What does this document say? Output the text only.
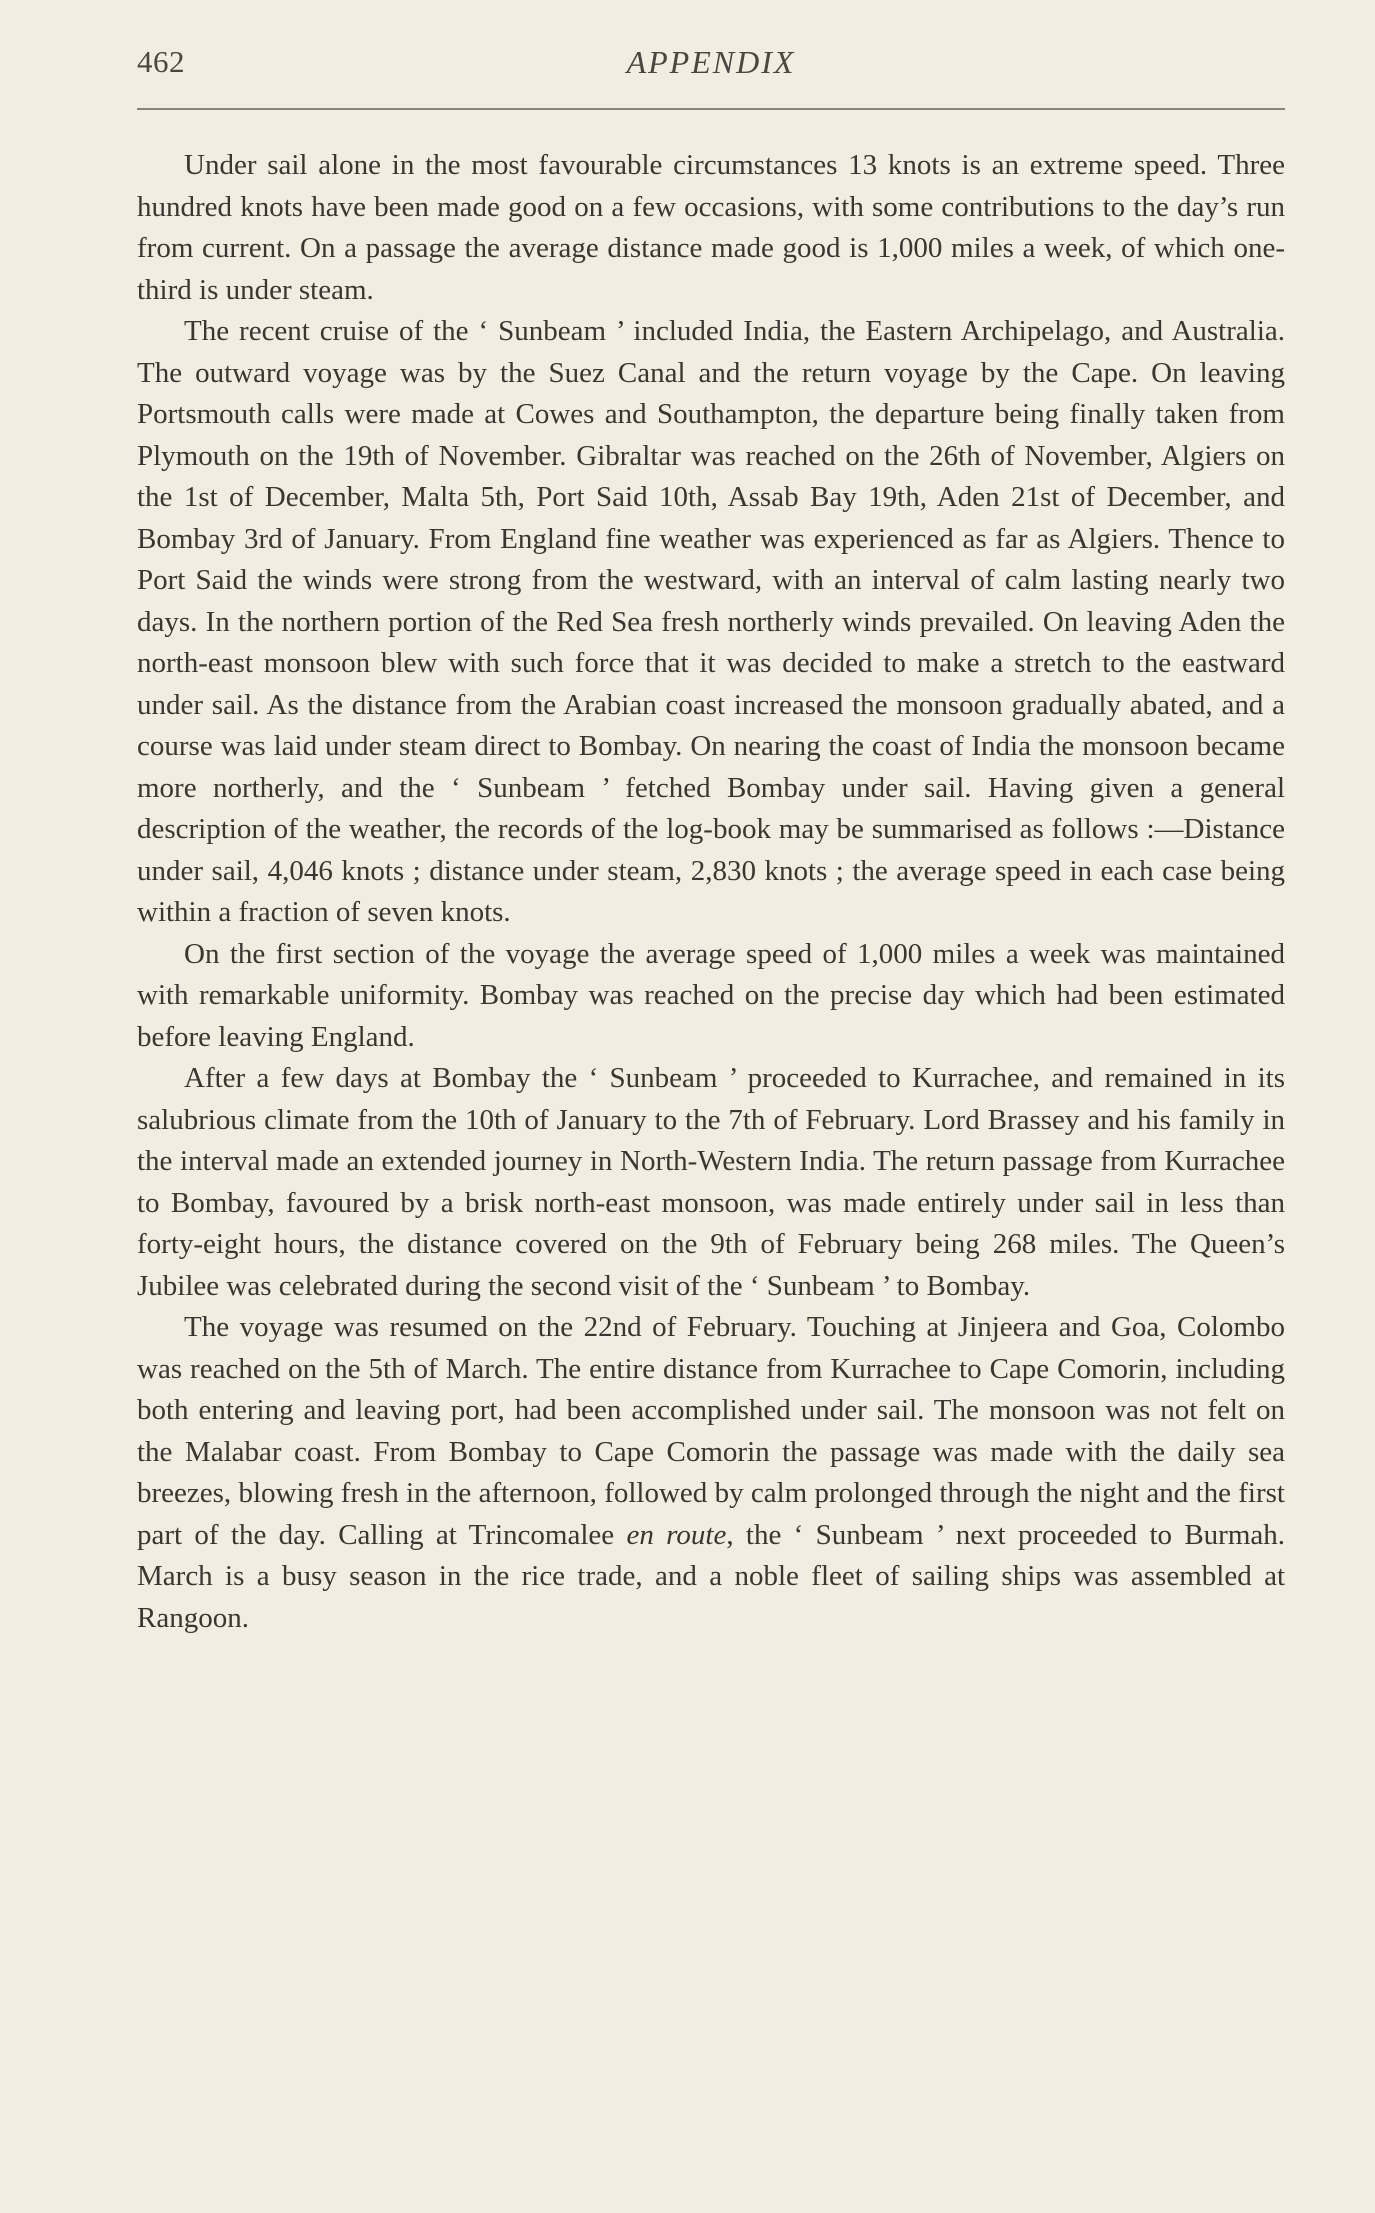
462	APPENDIX

Under sail alone in the most favourable circumstances 13 knots is an extreme speed. Three hundred knots have been made good on a few occasions, with some contributions to the day’s run from current. On a passage the average distance made good is 1,000 miles a week, of which one-third is under steam.

The recent cruise of the ‘ Sunbeam ’ included India, the Eastern Archipelago, and Australia. The outward voyage was by the Suez Canal and the return voyage by the Cape. On leaving Portsmouth calls were made at Cowes and Southampton, the departure being finally taken from Plymouth on the 19th of November. Gibraltar was reached on the 26th of November, Algiers on the 1st of December, Malta 5th, Port Said 10th, Assab Bay 19th, Aden 21st of December, and Bombay 3rd of January. From England fine weather was experienced as far as Algiers. Thence to Port Said the winds were strong from the westward, with an interval of calm lasting nearly two days. In the northern portion of the Red Sea fresh northerly winds prevailed. On leaving Aden the north-east monsoon blew with such force that it was decided to make a stretch to the eastward under sail. As the distance from the Arabian coast increased the monsoon gradually abated, and a course was laid under steam direct to Bombay. On nearing the coast of India the monsoon became more northerly, and the ‘ Sunbeam ’ fetched Bombay under sail. Having given a general description of the weather, the records of the log-book may be summarised as follows :—Distance under sail, 4,046 knots ; distance under steam, 2,830 knots ; the average speed in each case being within a fraction of seven knots.

On the first section of the voyage the average speed of 1,000 miles a week was maintained with remarkable uniformity. Bombay was reached on the precise day which had been estimated before leaving England.

After a few days at Bombay the ‘ Sunbeam ’ proceeded to Kurrachee, and remained in its salubrious climate from the 10th of January to the 7th of February. Lord Brassey and his family in the interval made an extended journey in North-Western India. The return passage from Kurrachee to Bombay, favoured by a brisk north-east monsoon, was made entirely under sail in less than forty-eight hours, the distance covered on the 9th of February being 268 miles. The Queen’s Jubilee was celebrated during the second visit of the ‘ Sunbeam ’ to Bombay.

The voyage was resumed on the 22nd of February. Touching at Jinjeera and Goa, Colombo was reached on the 5th of March. The entire distance from Kurrachee to Cape Comorin, including both entering and leaving port, had been accomplished under sail. The monsoon was not felt on the Malabar coast. From Bombay to Cape Comorin the passage was made with the daily sea breezes, blowing fresh in the afternoon, followed by calm prolonged through the night and the first part of the day. Calling at Trincomalee en route, the ‘ Sunbeam ’ next proceeded to Burmah. March is a busy season in the rice trade, and a noble fleet of sailing ships was assembled at Rangoon.
